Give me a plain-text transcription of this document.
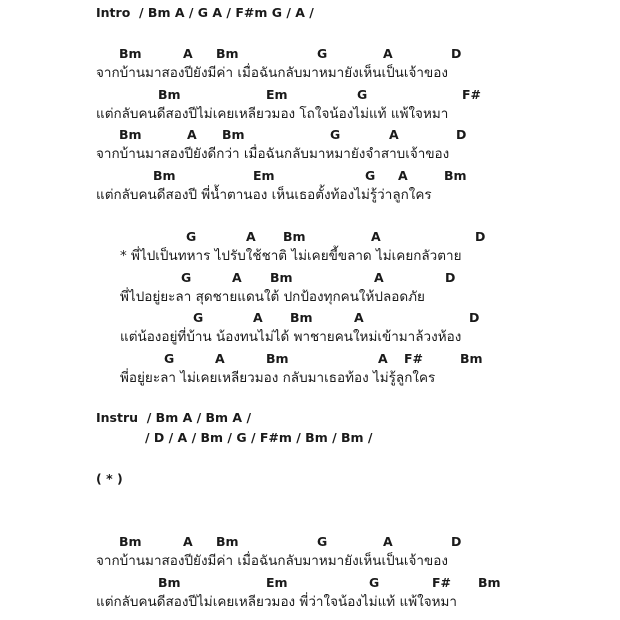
Intro / Bm A / G A / F#m G / A /
Bm	A Bm	G	A	D
จากบ้านมาสองปียังมีค่า เมื่อฉันกลับมาหมายังเห็นเป็นเจ้าของ
Bm	Em	G	F#
แต่กลับคนดีสองปีไม่เคยเหลียวมอง โถใจน้องไม่แท้ แพ้ใจหมา
Bm	A Bm	G	A	D
จากบ้านมาสองปียังดีกว่า เมื่อฉันกลับมาหมายังจำสาบเจ้าของ
Bm	Em	G A	Bm
แต่กลับคนดีสองปี พี่น้ำตานอง เห็นเธอตั้งท้องไม่รู้ว่าลูกใคร
G	A Bm	A	D
* พี่ไปเป็นทหาร ไปรับใช้ชาติ ไม่เคยขี้ขลาด ไม่เคยกลัวตาย
G	A Bm	A	D
พี่ไปอยู่ยะลา สุดชายแดนใต้ ปกป้องทุกคนให้ปลอดภัย
G	A Bm	A	D
แต่น้องอยู่ที่บ้าน น้องทนไม่ได้ พาชายคนใหม่เข้ามาล้วงห้อง
G	A	Bm	A F#	Bm
พี่อยู่ยะลา ไม่เคยเหลียวมอง กลับมาเธอท้อง ไม่รู้ลูกใคร
Instru / Bm A / Bm A /
/ D / A / Bm / G / F#m / Bm / Bm /
( * )
Bm	A Bm	G	A	D
จากบ้านมาสองปียังมีค่า เมื่อฉันกลับมาหมายังเห็นเป็นเจ้าของ
Bm	Em	G	F# Bm
แต่กลับคนดีสองปีไม่เคยเหลียวมอง พี่ว่าใจน้องไม่แท้ แพ้ใจหมา
